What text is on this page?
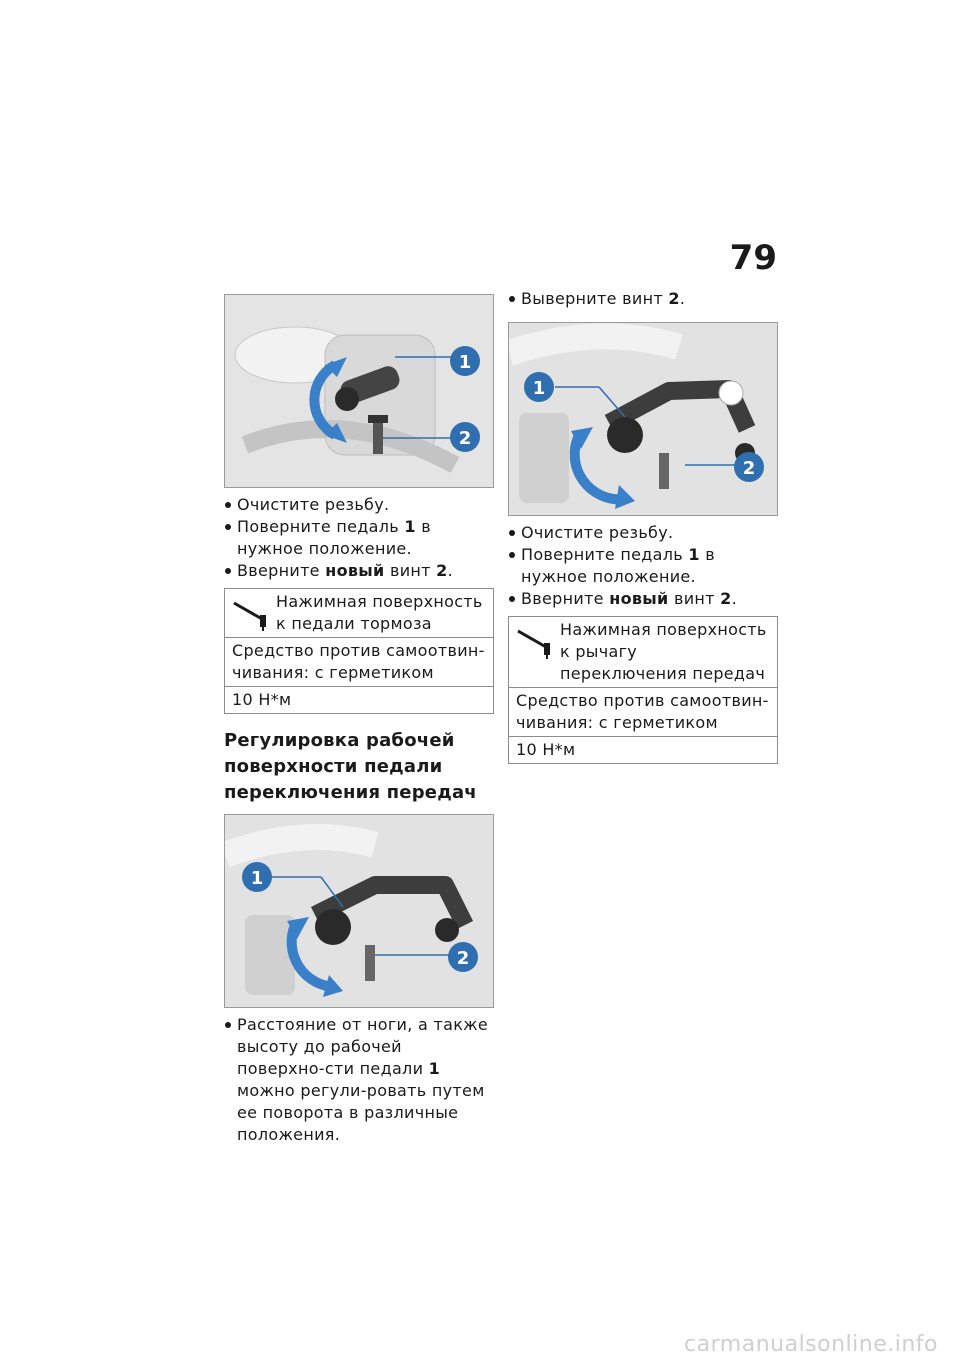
79
1
2
Очистите резьбу.
Поверните педаль 1 в нужное положение.
Вверните новый винт 2.
Нажимная поверхность к педали тормоза

Средство против самоотвин-чивания: с герметиком
10 Н*м
Регулировка рабочей поверхности педали переключения передач
1
2
Расстояние от ноги, а также высоту до рабочей поверхно-сти педали 1 можно регули-ровать путем ее поворота в различные положения.
Выверните винт 2.
1
2
Очистите резьбу.
Поверните педаль 1 в нужное положение.
Вверните новый винт 2.
Нажимная поверхность к рычагу переключения передач

Средство против самоотвин-чивания: с герметиком
10 Н*м
carmanualsonline.info
